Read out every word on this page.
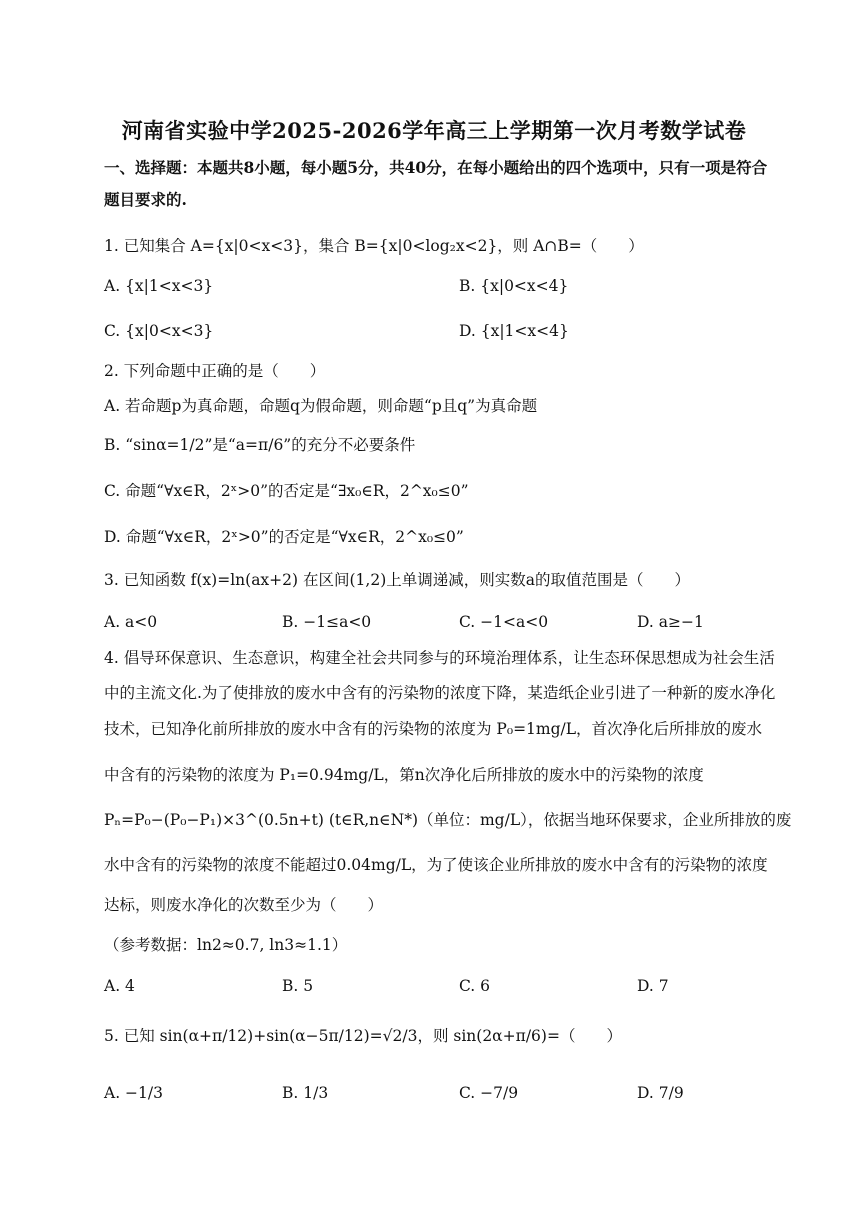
河南省实验中学2025-2026学年高三上学期第一次月考数学试卷
一、选择题：本题共8小题，每小题5分，共40分，在每小题给出的四个选项中，只有一项是符合
题目要求的.
1. 已知集合 A={x|0<x<3}，集合 B={x|0<log₂x<2}，则 A∩B=（　　）
A. {x|1<x<3}	B. {x|0<x<4}
C. {x|0<x<3}	D. {x|1<x<4}
2. 下列命题中正确的是（　　）
A. 若命题p为真命题，命题q为假命题，则命题“p且q”为真命题
B. “sinα=1/2”是“a=π/6”的充分不必要条件
C. 命题“∀x∈R，2ˣ>0”的否定是“∃x₀∈R，2^x₀≤0”
D. 命题“∀x∈R，2ˣ>0”的否定是“∀x∈R，2^x₀≤0”
3. 已知函数 f(x)=ln(ax+2) 在区间(1,2)上单调递减，则实数a的取值范围是（　　）
A. a<0	B. −1≤a<0	C. −1<a<0	D. a≥−1
4. 倡导环保意识、生态意识，构建全社会共同参与的环境治理体系，让生态环保思想成为社会生活
中的主流文化.为了使排放的废水中含有的污染物的浓度下降，某造纸企业引进了一种新的废水净化
技术，已知净化前所排放的废水中含有的污染物的浓度为 P₀=1mg/L，首次净化后所排放的废水
中含有的污染物的浓度为 P₁=0.94mg/L，第n次净化后所排放的废水中的污染物的浓度
Pₙ=P₀−(P₀−P₁)×3^(0.5n+t) (t∈R,n∈N*)（单位：mg/L），依据当地环保要求，企业所排放的废
水中含有的污染物的浓度不能超过0.04mg/L，为了使该企业所排放的废水中含有的污染物的浓度
达标，则废水净化的次数至少为（　　）
（参考数据：ln2≈0.7, ln3≈1.1）
A. 4	B. 5	C. 6	D. 7
5. 已知 sin(α+π/12)+sin(α−5π/12)=√2/3，则 sin(2α+π/6)=（　　）
A. −1/3	B. 1/3	C. −7/9	D. 7/9
